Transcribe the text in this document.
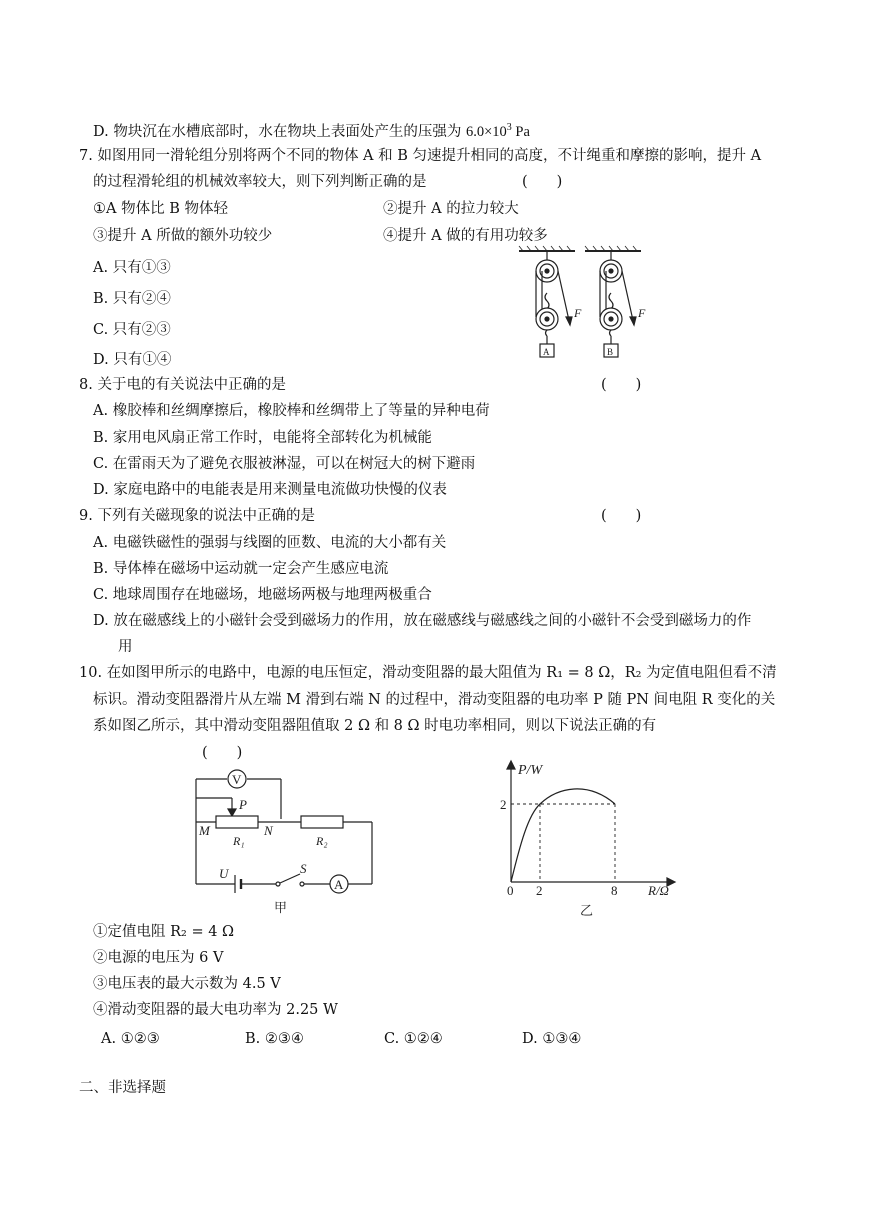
D. 物块沉在水槽底部时，水在物块上表面处产生的压强为 $6.0\times 10^3$ Pa
7. 如图用同一滑轮组分别将两个不同的物体 A 和 B 匀速提升相同的高度，不计绳重和摩擦的影响，提升 A
的过程滑轮组的机械效率较大，则下列判断正确的是	(　　)
①A 物体比 B 物体轻	②提升 A 的拉力较大
③提升 A 所做的额外功较少	④提升 A 做的有用功较多
A. 只有①③
B. 只有②④
C. 只有②③
D. 只有①④
F
A
F
B
8. 关于电的有关说法中正确的是	(　　)
A. 橡胶棒和丝绸摩擦后，橡胶棒和丝绸带上了等量的异种电荷
B. 家用电风扇正常工作时，电能将全部转化为机械能
C. 在雷雨天为了避免衣服被淋湿，可以在树冠大的树下避雨
D. 家庭电路中的电能表是用来测量电流做功快慢的仪表
9. 下列有关磁现象的说法中正确的是	(　　)
A. 电磁铁磁性的强弱与线圈的匝数、电流的大小都有关
B. 导体棒在磁场中运动就一定会产生感应电流
C. 地球周围存在地磁场，地磁场两极与地理两极重合
D. 放在磁感线上的小磁针会受到磁场力的作用，放在磁感线与磁感线之间的小磁针不会受到磁场力的作
用
10. 在如图甲所示的电路中，电源的电压恒定，滑动变阻器的最大阻值为 R₁ = 8 Ω，R₂ 为定值电阻但看不清
标识。滑动变阻器滑片从左端 M 滑到右端 N 的过程中，滑动变阻器的电功率 P 随 PN 间电阻 R 变化的关
系如图乙所示，其中滑动变阻器阻值取 2 Ω 和 8 Ω 时电功率相同，则以下说法正确的有
(　　)
V
P
M	N
R₁	R₂
U	S
A
甲
P/W
2
0 2	8 R/Ω
乙
①定值电阻 R₂ = 4 Ω
②电源的电压为 6 V
③电压表的最大示数为 4.5 V
④滑动变阻器的最大电功率为 2.25 W
A. ①②③	B. ②③④	C. ①②④	D. ①③④
二、非选择题
